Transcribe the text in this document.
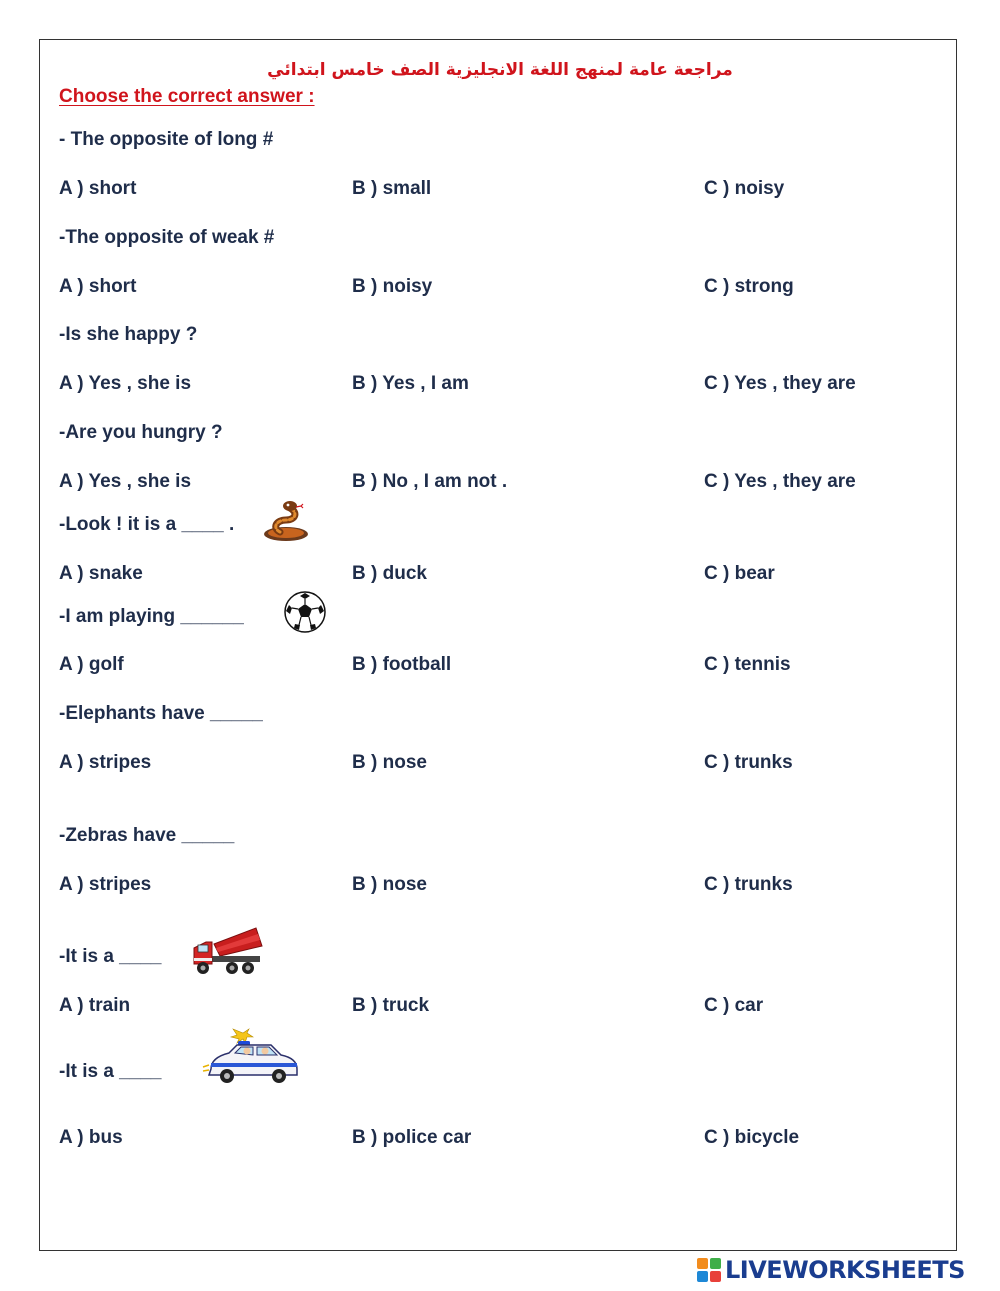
مراجعة عامة لمنهج اللغة الانجليزية الصف خامس ابتدائي
Choose the correct answer :
- The opposite of long #
A ) short	B ) small	C ) noisy
-The opposite of weak #
A ) short	B ) noisy	C ) strong
-Is she happy ?
A ) Yes , she is	B ) Yes , I am	C ) Yes , they are
-Are you hungry ?
A ) Yes , she is	B ) No , I am not .	C ) Yes , they are
-Look ! it is a ____ .
A ) snake	B ) duck	C ) bear
-I am playing ______
A ) golf	B ) football	C ) tennis
-Elephants have _____
A ) stripes	B ) nose	C ) trunks
-Zebras have _____
A ) stripes	B ) nose	C ) trunks
-It is a ____
A ) train	B ) truck	C ) car
-It is a ____
A ) bus	B ) police car	C ) bicycle
LIVEWORKSHEETS
